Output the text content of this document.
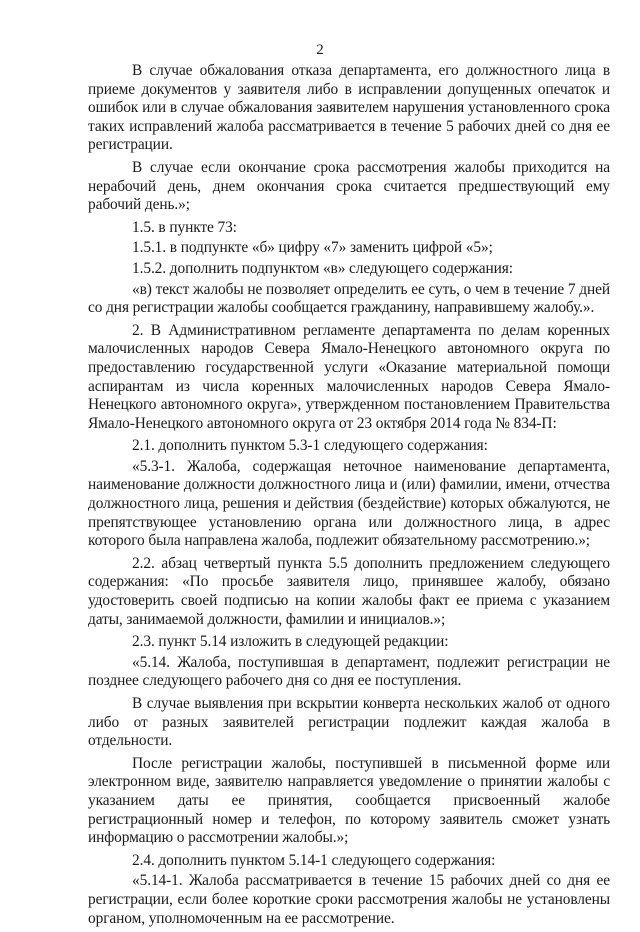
2

В случае обжалования отказа департамента, его должностного лица в приеме документов у заявителя либо в исправлении допущенных опечаток и ошибок или в случае обжалования заявителем нарушения установленного срока таких исправлений жалоба рассматривается в течение 5 рабочих дней со дня ее регистрации.

В случае если окончание срока рассмотрения жалобы приходится на нерабочий день, днем окончания срока считается предшествующий ему рабочий день.»;

1.5. в пункте 73:

1.5.1. в подпункте «б» цифру «7» заменить цифрой «5»;

1.5.2. дополнить подпунктом «в» следующего содержания:

«в) текст жалобы не позволяет определить ее суть, о чем в течение 7 дней со дня регистрации жалобы сообщается гражданину, направившему жалобу.».

2. В Административном регламенте департамента по делам коренных малочисленных народов Севера Ямало-Ненецкого автономного округа по предоставлению государственной услуги «Оказание материальной помощи аспирантам из числа коренных малочисленных народов Севера Ямало-Ненецкого автономного округа», утвержденном постановлением Правительства Ямало-Ненецкого автономного округа от 23 октября 2014 года № 834-П:

2.1. дополнить пунктом 5.3-1 следующего содержания:

«5.3-1. Жалоба, содержащая неточное наименование департамента, наименование должности должностного лица и (или) фамилии, имени, отчества должностного лица, решения и действия (бездействие) которых обжалуются, не препятствующее установлению органа или должностного лица, в адрес которого была направлена жалоба, подлежит обязательному рассмотрению.»;

2.2. абзац четвертый пункта 5.5 дополнить предложением следующего содержания: «По просьбе заявителя лицо, принявшее жалобу, обязано удостоверить своей подписью на копии жалобы факт ее приема с указанием даты, занимаемой должности, фамилии и инициалов.»;

2.3. пункт 5.14 изложить в следующей редакции:

«5.14. Жалоба, поступившая в департамент, подлежит регистрации не позднее следующего рабочего дня со дня ее поступления.

В случае выявления при вскрытии конверта нескольких жалоб от одного либо от разных заявителей регистрации подлежит каждая жалоба в отдельности.

После регистрации жалобы, поступившей в письменной форме или электронном виде, заявителю направляется уведомление о принятии жалобы с указанием даты ее принятия, сообщается присвоенный жалобе регистрационный номер и телефон, по которому заявитель сможет узнать информацию о рассмотрении жалобы.»;

2.4. дополнить пунктом 5.14-1 следующего содержания:

«5.14-1. Жалоба рассматривается в течение 15 рабочих дней со дня ее регистрации, если более короткие сроки рассмотрения жалобы не установлены органом, уполномоченным на ее рассмотрение.
